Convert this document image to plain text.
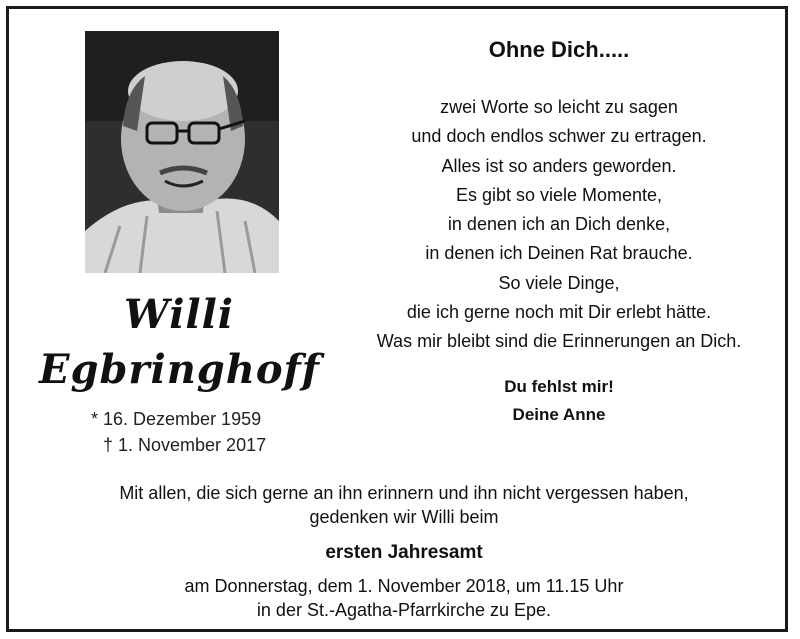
Willi
Egbringhoff
* 16. Dezember 1959
† 1. November 2017
Ohne Dich.....
zwei Worte so leicht zu sagen
und doch endlos schwer zu ertragen.
Alles ist so anders geworden.
Es gibt so viele Momente,
in denen ich an Dich denke,
in denen ich Deinen Rat brauche.
So viele Dinge,
die ich gerne noch mit Dir erlebt hätte.
Was mir bleibt sind die Erinnerungen an Dich.
Du fehlst mir!
Deine Anne
Mit allen, die sich gerne an ihn erinnern und ihn nicht vergessen haben,
gedenken wir Willi beim
ersten Jahresamt
am Donnerstag, dem 1. November 2018, um 11.15 Uhr
in der St.-Agatha-Pfarrkirche zu Epe.
